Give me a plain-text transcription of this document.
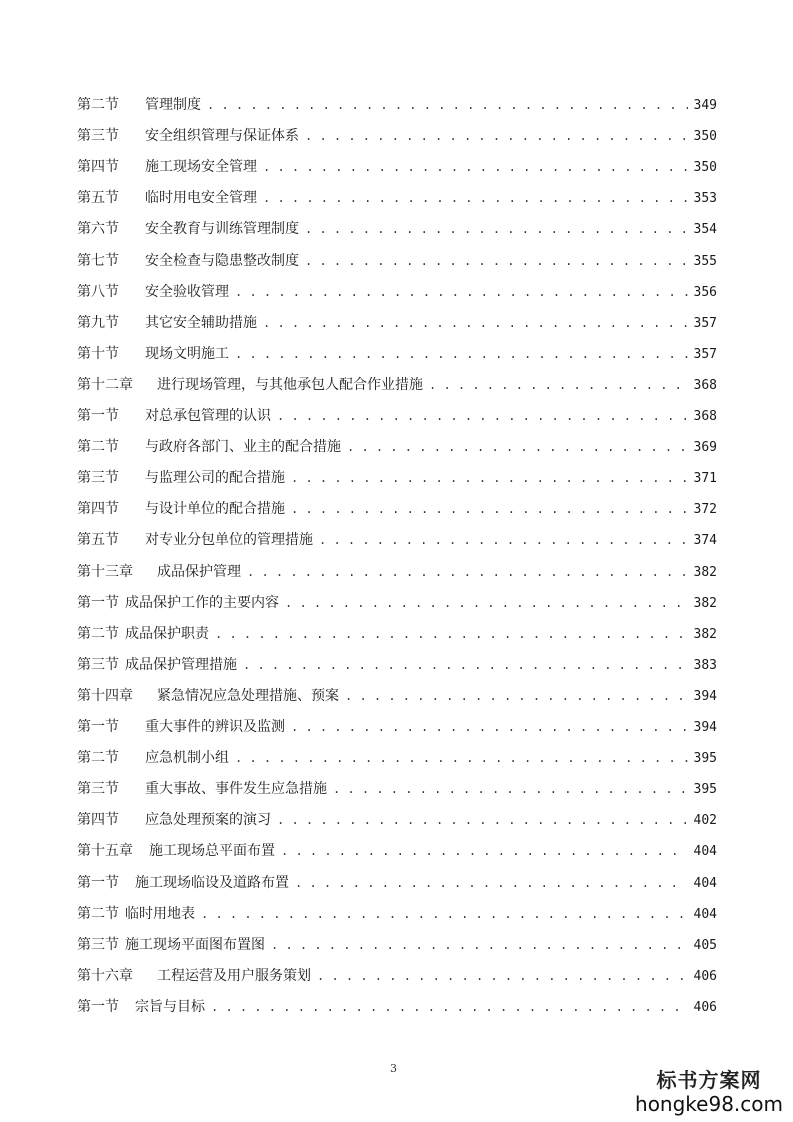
第二节 管理制度 . . .	349
第三节 安全组织管理与保证体系 . . .	350
第四节 施工现场安全管理 . . .	350
第五节 临时用电安全管理 . . .	353
第六节 安全教育与训练管理制度 . . .	354
第七节 安全检查与隐患整改制度 . . .	355
第八节 安全验收管理 . . .	356
第九节 其它安全辅助措施 . . .	357
第十节 现场文明施工 . . .	357
第十二章 进行现场管理，与其他承包人配合作业措施 . . .	368
第一节 对总承包管理的认识 . . .	368
第二节 与政府各部门、业主的配合措施 . . .	369
第三节 与监理公司的配合措施 . . .	371
第四节 与设计单位的配合措施 . . .	372
第五节 对专业分包单位的管理措施 . . .	374
第十三章 成品保护管理 . . .	382
第一节 成品保护工作的主要内容 . . .	382
第二节 成品保护职责 . . .	382
第三节 成品保护管理措施 . . .	383
第十四章 紧急情况应急处理措施、预案 . . .	394
第一节 重大事件的辨识及监测 . . .	394
第二节 应急机制小组 . . .	395
第三节 重大事故、事件发生应急措施 . . .	395
第四节 应急处理预案的演习 . . .	402
第十五章 施工现场总平面布置 . . .	404
第一节 施工现场临设及道路布置 . . .	404
第二节 临时用地表 . . .	404
第三节 施工现场平面图布置图 . . .	405
第十六章 工程运营及用户服务策划 . . .	406
第一节 宗旨与目标 . . .	406
3	标书方案网
hongke98.com
